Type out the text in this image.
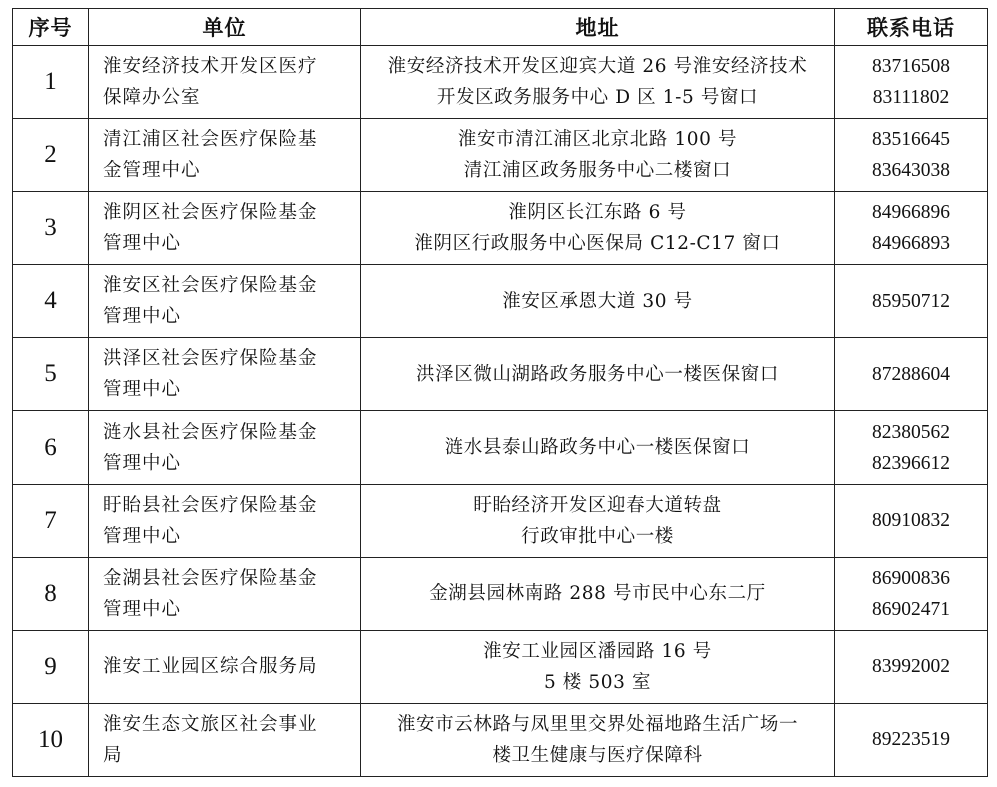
序号	单位	地址	联系电话
1	淮安经济技术开发区医疗
保障办公室	淮安经济技术开发区迎宾大道 26 号淮安经济技术
开发区政务服务中心 D 区 1-5 号窗口	83716508
83111802

2	清江浦区社会医疗保险基
金管理中心	淮安市清江浦区北京北路 100 号
清江浦区政务服务中心二楼窗口	83516645
83643038

3	淮阴区社会医疗保险基金
管理中心	淮阴区长江东路 6 号
淮阴区行政服务中心医保局 C12-C17 窗口	84966896
84966893

4	淮安区社会医疗保险基金
管理中心	淮安区承恩大道 30 号	85950712

5	洪泽区社会医疗保险基金
管理中心	洪泽区微山湖路政务服务中心一楼医保窗口	87288604

6	涟水县社会医疗保险基金
管理中心	涟水县泰山路政务中心一楼医保窗口	82380562
82396612

7	盱眙县社会医疗保险基金
管理中心	盱眙经济开发区迎春大道转盘
行政审批中心一楼	80910832

8	金湖县社会医疗保险基金
管理中心	金湖县园林南路 288 号市民中心东二厅	86900836
86902471

9	淮安工业园区综合服务局	淮安工业园区潘园路 16 号
5 楼 503 室	83992002

10	淮安生态文旅区社会事业
局	淮安市云林路与凤里里交界处福地路生活广场一
楼卫生健康与医疗保障科	89223519
